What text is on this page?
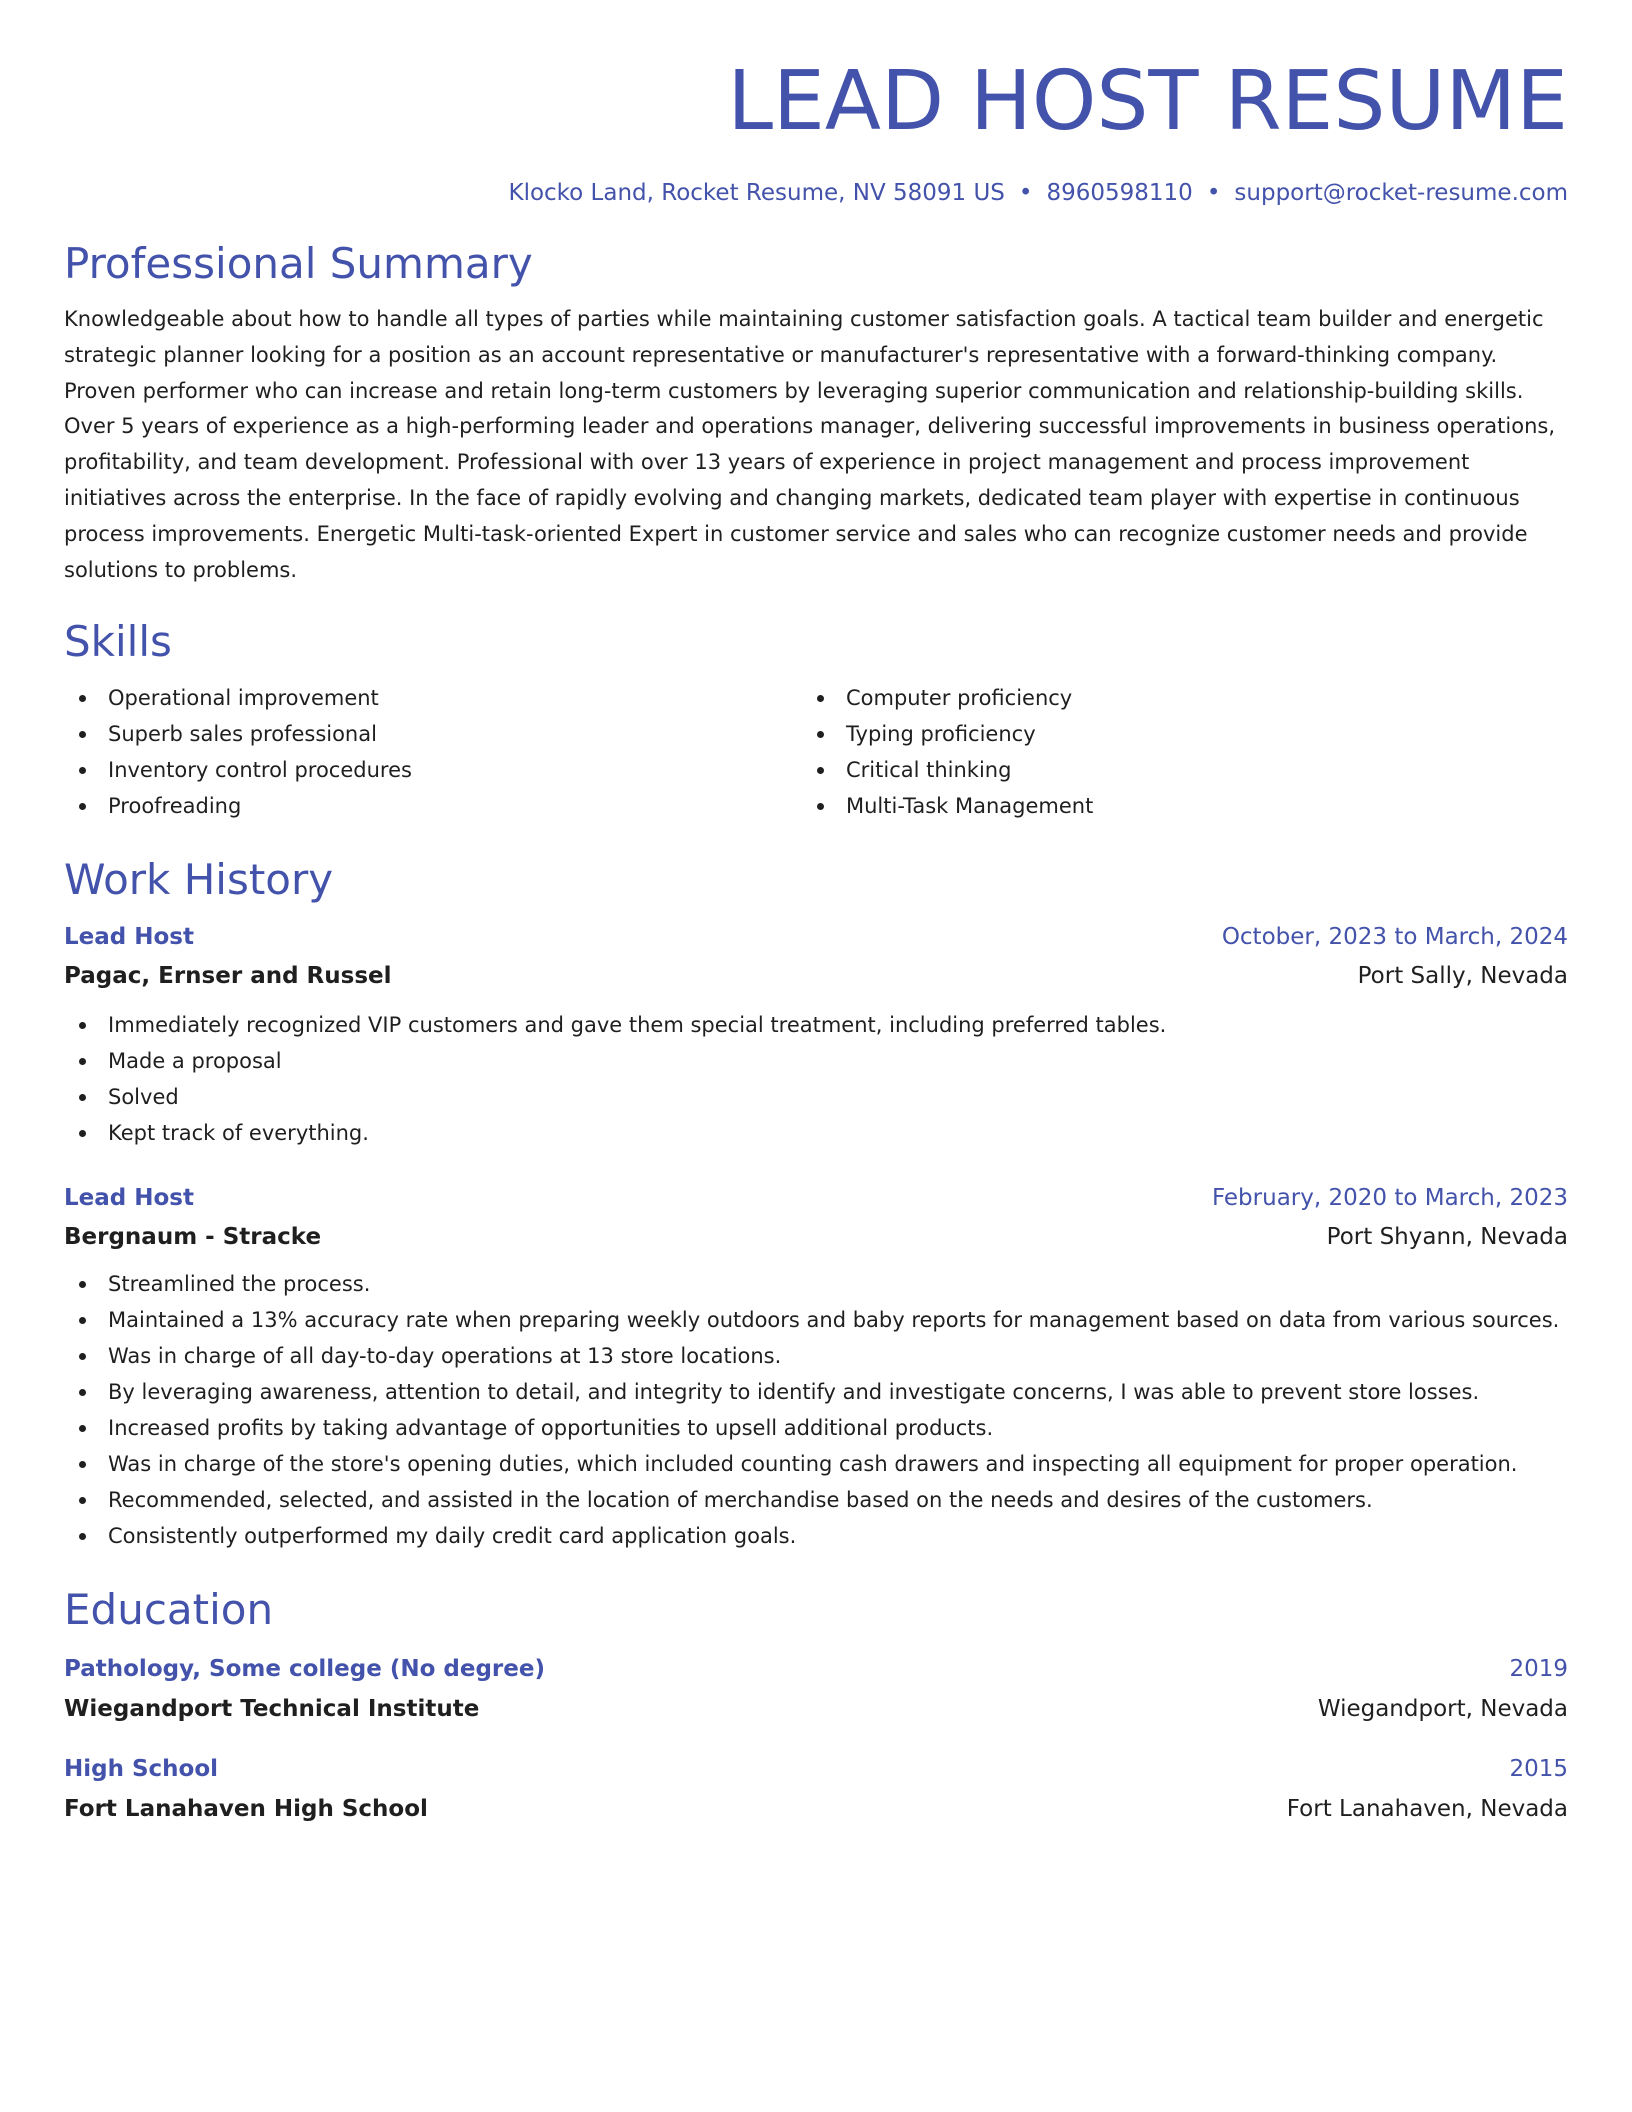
LEAD HOST RESUME
Klocko Land, Rocket Resume, NV 58091 US • 8960598110 • support@rocket-resume.com
Professional Summary
Knowledgeable about how to handle all types of parties while maintaining customer satisfaction goals. A tactical team builder and energetic strategic planner looking for a position as an account representative or manufacturer's representative with a forward-thinking company. Proven performer who can increase and retain long-term customers by leveraging superior communication and relationship-building skills. Over 5 years of experience as a high-performing leader and operations manager, delivering successful improvements in business operations, profitability, and team development. Professional with over 13 years of experience in project management and process improvement initiatives across the enterprise. In the face of rapidly evolving and changing markets, dedicated team player with expertise in continuous process improvements. Energetic Multi-task-oriented Expert in customer service and sales who can recognize customer needs and provide solutions to problems.
Skills
Operational improvement
Superb sales professional
Inventory control procedures
Proofreading
Computer proficiency
Typing proficiency
Critical thinking
Multi-Task Management
Work History
Lead Host	October, 2023 to March, 2024
Pagac, Ernser and Russel	Port Sally, Nevada
Immediately recognized VIP customers and gave them special treatment, including preferred tables.
Made a proposal
Solved
Kept track of everything.
Lead Host	February, 2020 to March, 2023
Bergnaum - Stracke	Port Shyann, Nevada
Streamlined the process.
Maintained a 13% accuracy rate when preparing weekly outdoors and baby reports for management based on data from various sources.
Was in charge of all day-to-day operations at 13 store locations.
By leveraging awareness, attention to detail, and integrity to identify and investigate concerns, I was able to prevent store losses.
Increased profits by taking advantage of opportunities to upsell additional products.
Was in charge of the store's opening duties, which included counting cash drawers and inspecting all equipment for proper operation.
Recommended, selected, and assisted in the location of merchandise based on the needs and desires of the customers.
Consistently outperformed my daily credit card application goals.
Education
Pathology, Some college (No degree)	2019
Wiegandport Technical Institute	Wiegandport, Nevada
High School	2015
Fort Lanahaven High School	Fort Lanahaven, Nevada
